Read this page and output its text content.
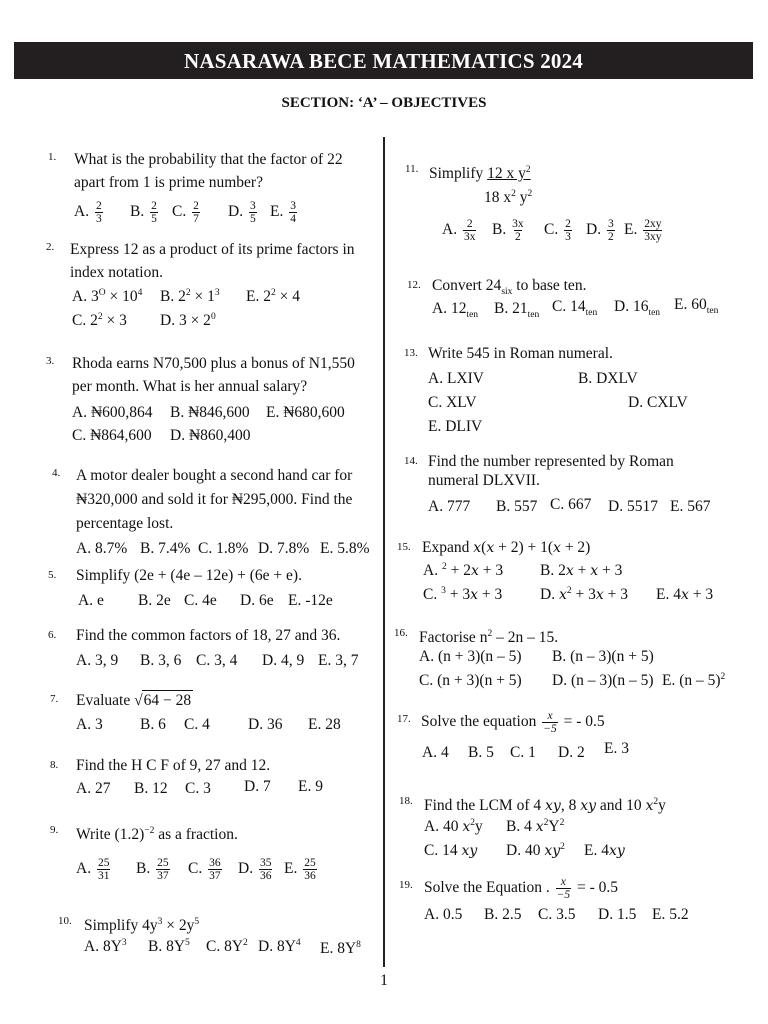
NASARAWA BECE MATHEMATICS 2024
SECTION: ‘A’ – OBJECTIVES
1. What is the probability that the factor of 22
apart from 1 is prime number?
A. $\frac{2}{3} B$. $\frac{2}{5} C$. $\frac{2}{7} D$. $\frac{3}{5} E$. $\frac{3}{4}$
2. Express 12 as a product of its prime factors in
index notation.
A. $3^O \times 10^4$ B. $2^2 \times 1^3$ E. $2^2 \times 4$
C. $2^2 \times 3$ D. $3 \times 2^0$
3. Rhoda earns N70,500 plus a bonus of N1,550
per month. What is her annual salary?
A. ₦600,864 B. ₦846,600 E. ₦680,600
C. ₦864,600 D. ₦860,400
4. A motor dealer bought a second hand car for
₦320,000 and sold it for ₦295,000. Find the
percentage lost.
A. 8.7% B. 7.4% C. 1.8% D. 7.8% E. 5.8%
5. Simplify (2e + (4e – 12e) + (6e + e).
A. e B. 2e C. 4e D. 6e E. -12e
6. Find the common factors of 18, 27 and 36.
A. 3, 9 B. 3, 6 C. 3, 4 D. 4, 9 E. 3, 7
7. Evaluate √64 − 28
A. 3 B. 6 C. 4 D. 36 E. 28
8. Find the H C F of 9, 27 and 12.
A. 27 B. 12 C. 3 D. 7 E. 9
9. Write $(1.2)^{-2}$ as a fraction.
A. $\frac{25}{31} B$. $\frac{25}{37} C$. $\frac{36}{37} D$. $\frac{35}{36} E$. $\frac{25}{36}$
10. Simplify $4y^3 \times 2y^5$
A. $8Y^3$ B. $8Y^5$ C. $8Y^2$ D. $8Y^4$ E. $8Y^8$
11. Simplify 12 x $y^2$
18 $x^2$ $y^2$
A. $\frac{2}{3x} B$. $\frac{3x}{2} C$. $\frac{2}{3} D$. $\frac{3}{2} E$. $\frac{2xy}{3xy}$
12. Convert $24_{six}$ to base ten.
A. $12_{ten}$ B. $21_{ten}$
C. $14_{ten}$ D. $16_{ten}$
E. $60_{ten}$
13. Write 545 in Roman numeral.
A. LXIV	B. DXLV
C. XLV	D. CXLV
E. DLIV
14. Find the number represented by Roman
numeral DLXVII.
A. 777 B. 557 C. 667 D. 5517 E. 567
15. Expand x(x + 2) + 1(x + 2)
A. $^2$ + 2x + 3 B. 2x + x + 3
C. $^3$ + 3x + 3 D. $x^2 + 3x + 3$ E. 4x + 3
16. Factorise $n^2 - 2n - 15$.
A. (n + 3)(n – 5) B. (n – 3)(n + 5)
C. (n + 3)(n + 5) D. (n – 3)(n – 5) E. (n – 5)$^2$
17. Solve the equation $\frac{x}{-5}$ = - 0.5
A. 4 B. 5 C. 1 D. 2 E. 3
18. Find the LCM of 4 xy, 8 xy and 10 $x^2y$
A. 40 $x^2y$ B. 4 $x^2Y^2$
C. 14 xy D. 40 $xy^2$ E. 4xy
19. Solve the Equation . $\frac{x}{-5}$ = - 0.5
A. 0.5 B. 2.5 C. 3.5 D. 1.5 E. 5.2
1
